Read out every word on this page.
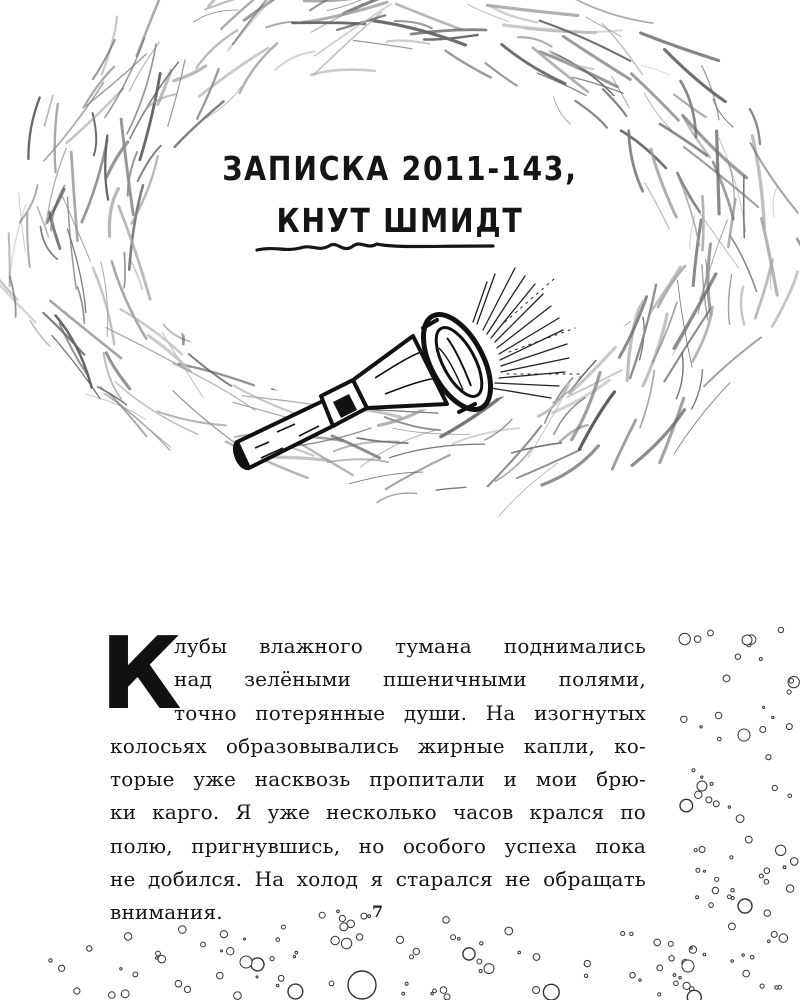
ЗАПИСКА 2011-143,
КНУТ ШМИДТ
К
лубы влажного тумана поднимались
над зелёными пшеничными полями,
точно потерянные души. На изогнутых
колосьях образовывались жирные капли, ко-
торые уже насквозь пропитали и мои брю-
ки карго. Я уже несколько часов крался по
полю, пригнувшись, но особого успеха пока
не добился. На холод я старался не обращать
внимания.	7
